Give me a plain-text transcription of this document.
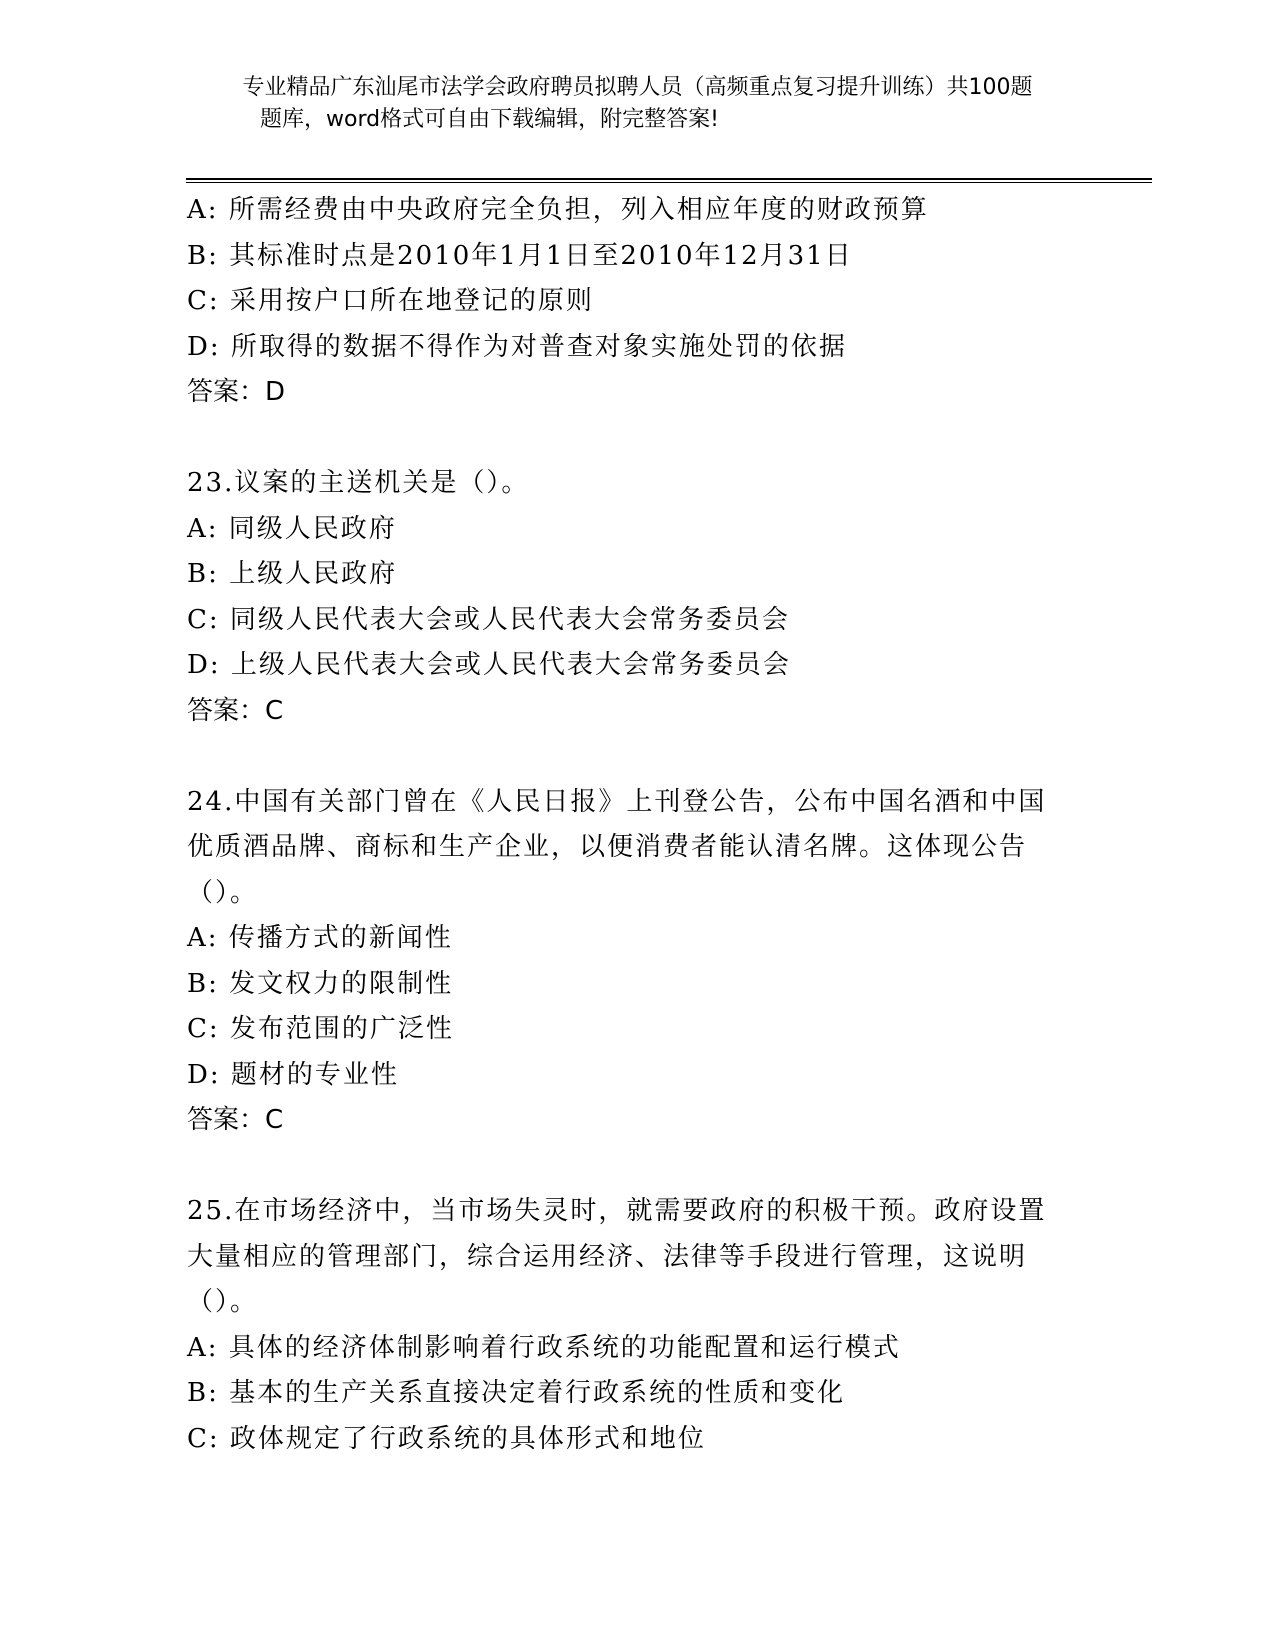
专业精品广东汕尾市法学会政府聘员拟聘人员（高频重点复习提升训练）共100题
题库，word格式可自由下载编辑，附完整答案!
A: 所需经费由中央政府完全负担，列入相应年度的财政预算
B: 其标准时点是2010年1月1日至2010年12月31日
C: 采用按户口所在地登记的原则
D: 所取得的数据不得作为对普查对象实施处罚的依据
答案：D
23.议案的主送机关是（）。
A: 同级人民政府
B: 上级人民政府
C: 同级人民代表大会或人民代表大会常务委员会
D: 上级人民代表大会或人民代表大会常务委员会
答案：C
24.中国有关部门曾在《人民日报》上刊登公告，公布中国名酒和中国
优质酒品牌、商标和生产企业，以便消费者能认清名牌。这体现公告
（）。
A: 传播方式的新闻性
B: 发文权力的限制性
C: 发布范围的广泛性
D: 题材的专业性
答案：C
25.在市场经济中，当市场失灵时，就需要政府的积极干预。政府设置
大量相应的管理部门，综合运用经济、法律等手段进行管理，这说明
（）。
A: 具体的经济体制影响着行政系统的功能配置和运行模式
B: 基本的生产关系直接决定着行政系统的性质和变化
C: 政体规定了行政系统的具体形式和地位
